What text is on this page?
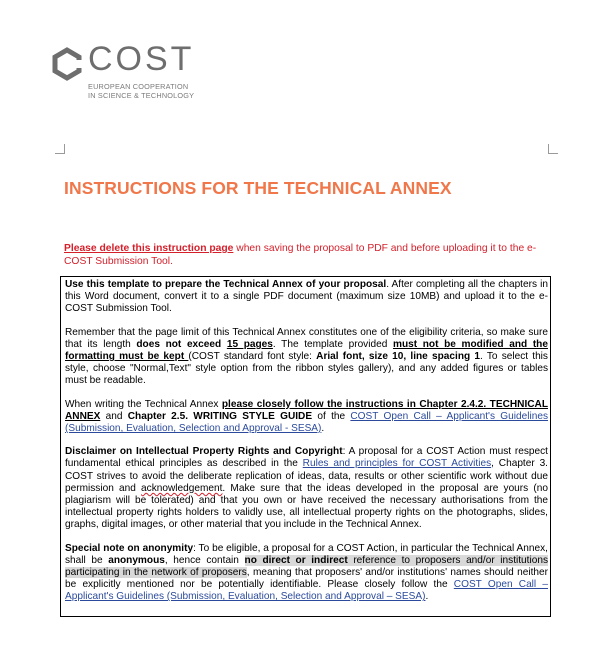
COST
EUROPEAN COOPERATION
IN SCIENCE & TECHNOLOGY
INSTRUCTIONS FOR THE TECHNICAL ANNEX
Please delete this instruction page when saving the proposal to PDF and before uploading it to the e-COST Submission Tool.

Use this template to prepare the Technical Annex of your proposal. After completing all the chapters in this Word document, convert it to a single PDF document (maximum size 10MB) and upload it to the e-COST Submission Tool.

Remember that the page limit of this Technical Annex constitutes one of the eligibility criteria, so make sure that its length does not exceed 15 pages. The template provided must not be modified and the formatting must be kept (COST standard font style: Arial font, size 10, line spacing 1. To select this style, choose "Normal,Text" style option from the ribbon styles gallery), and any added figures or tables must be readable.

When writing the Technical Annex please closely follow the instructions in Chapter 2.4.2. TECHNICAL ANNEX and Chapter 2.5. WRITING STYLE GUIDE of the COST Open Call – Applicant's Guidelines (Submission, Evaluation, Selection and Approval - SESA).

Disclaimer on Intellectual Property Rights and Copyright: A proposal for a COST Action must respect fundamental ethical principles as described in the Rules and principles for COST Activities, Chapter 3. COST strives to avoid the deliberate replication of ideas, data, results or other scientific work without due permission and acknowledgement. Make sure that the ideas developed in the proposal are yours (no plagiarism will be tolerated) and that you own or have received the necessary authorisations from the intellectual property rights holders to validly use, all intellectual property rights on the photographs, slides, graphs, digital images, or other material that you include in the Technical Annex.

Special note on anonymity: To be eligible, a proposal for a COST Action, in particular the Technical Annex, shall be anonymous, hence contain no direct or indirect reference to proposers and/or institutions participating in the network of proposers, meaning that proposers' and/or institutions' names should neither be explicitly mentioned nor be potentially identifiable. Please closely follow the COST Open Call – Applicant's Guidelines (Submission, Evaluation, Selection and Approval – SESA).
